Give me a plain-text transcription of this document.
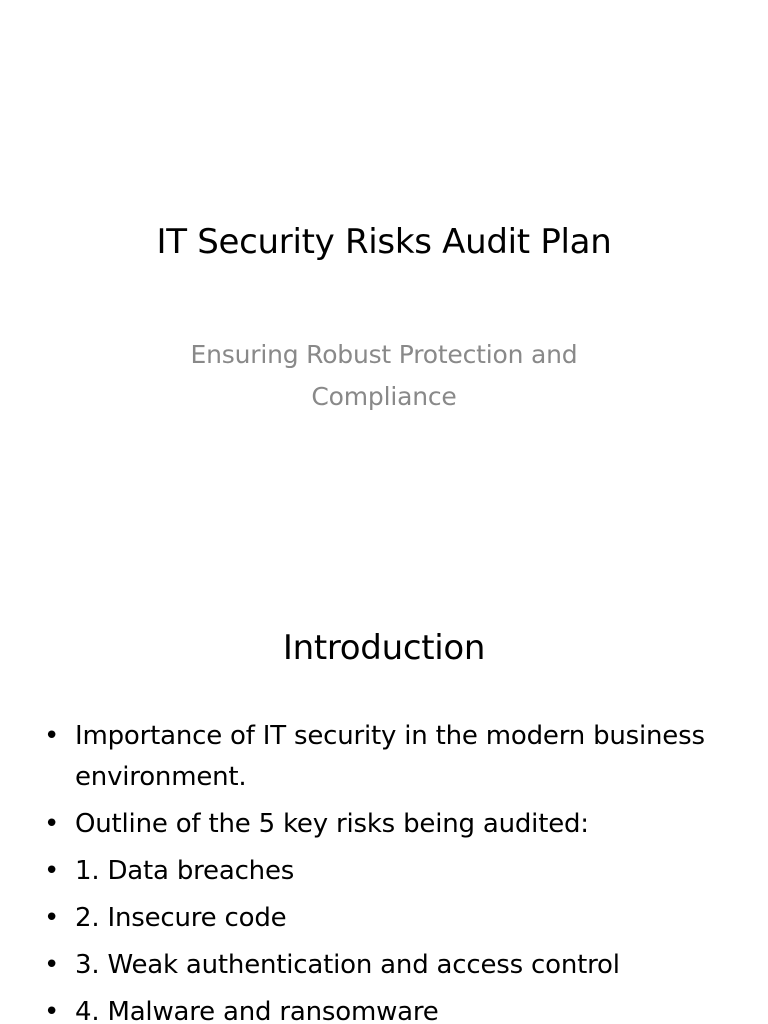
IT Security Risks Audit Plan
Ensuring Robust Protection and Compliance
Introduction
• Importance of IT security in the modern business environment.
• Outline of the 5 key risks being audited:
• 1. Data breaches
• 2. Insecure code
• 3. Weak authentication and access control
• 4. Malware and ransomware
